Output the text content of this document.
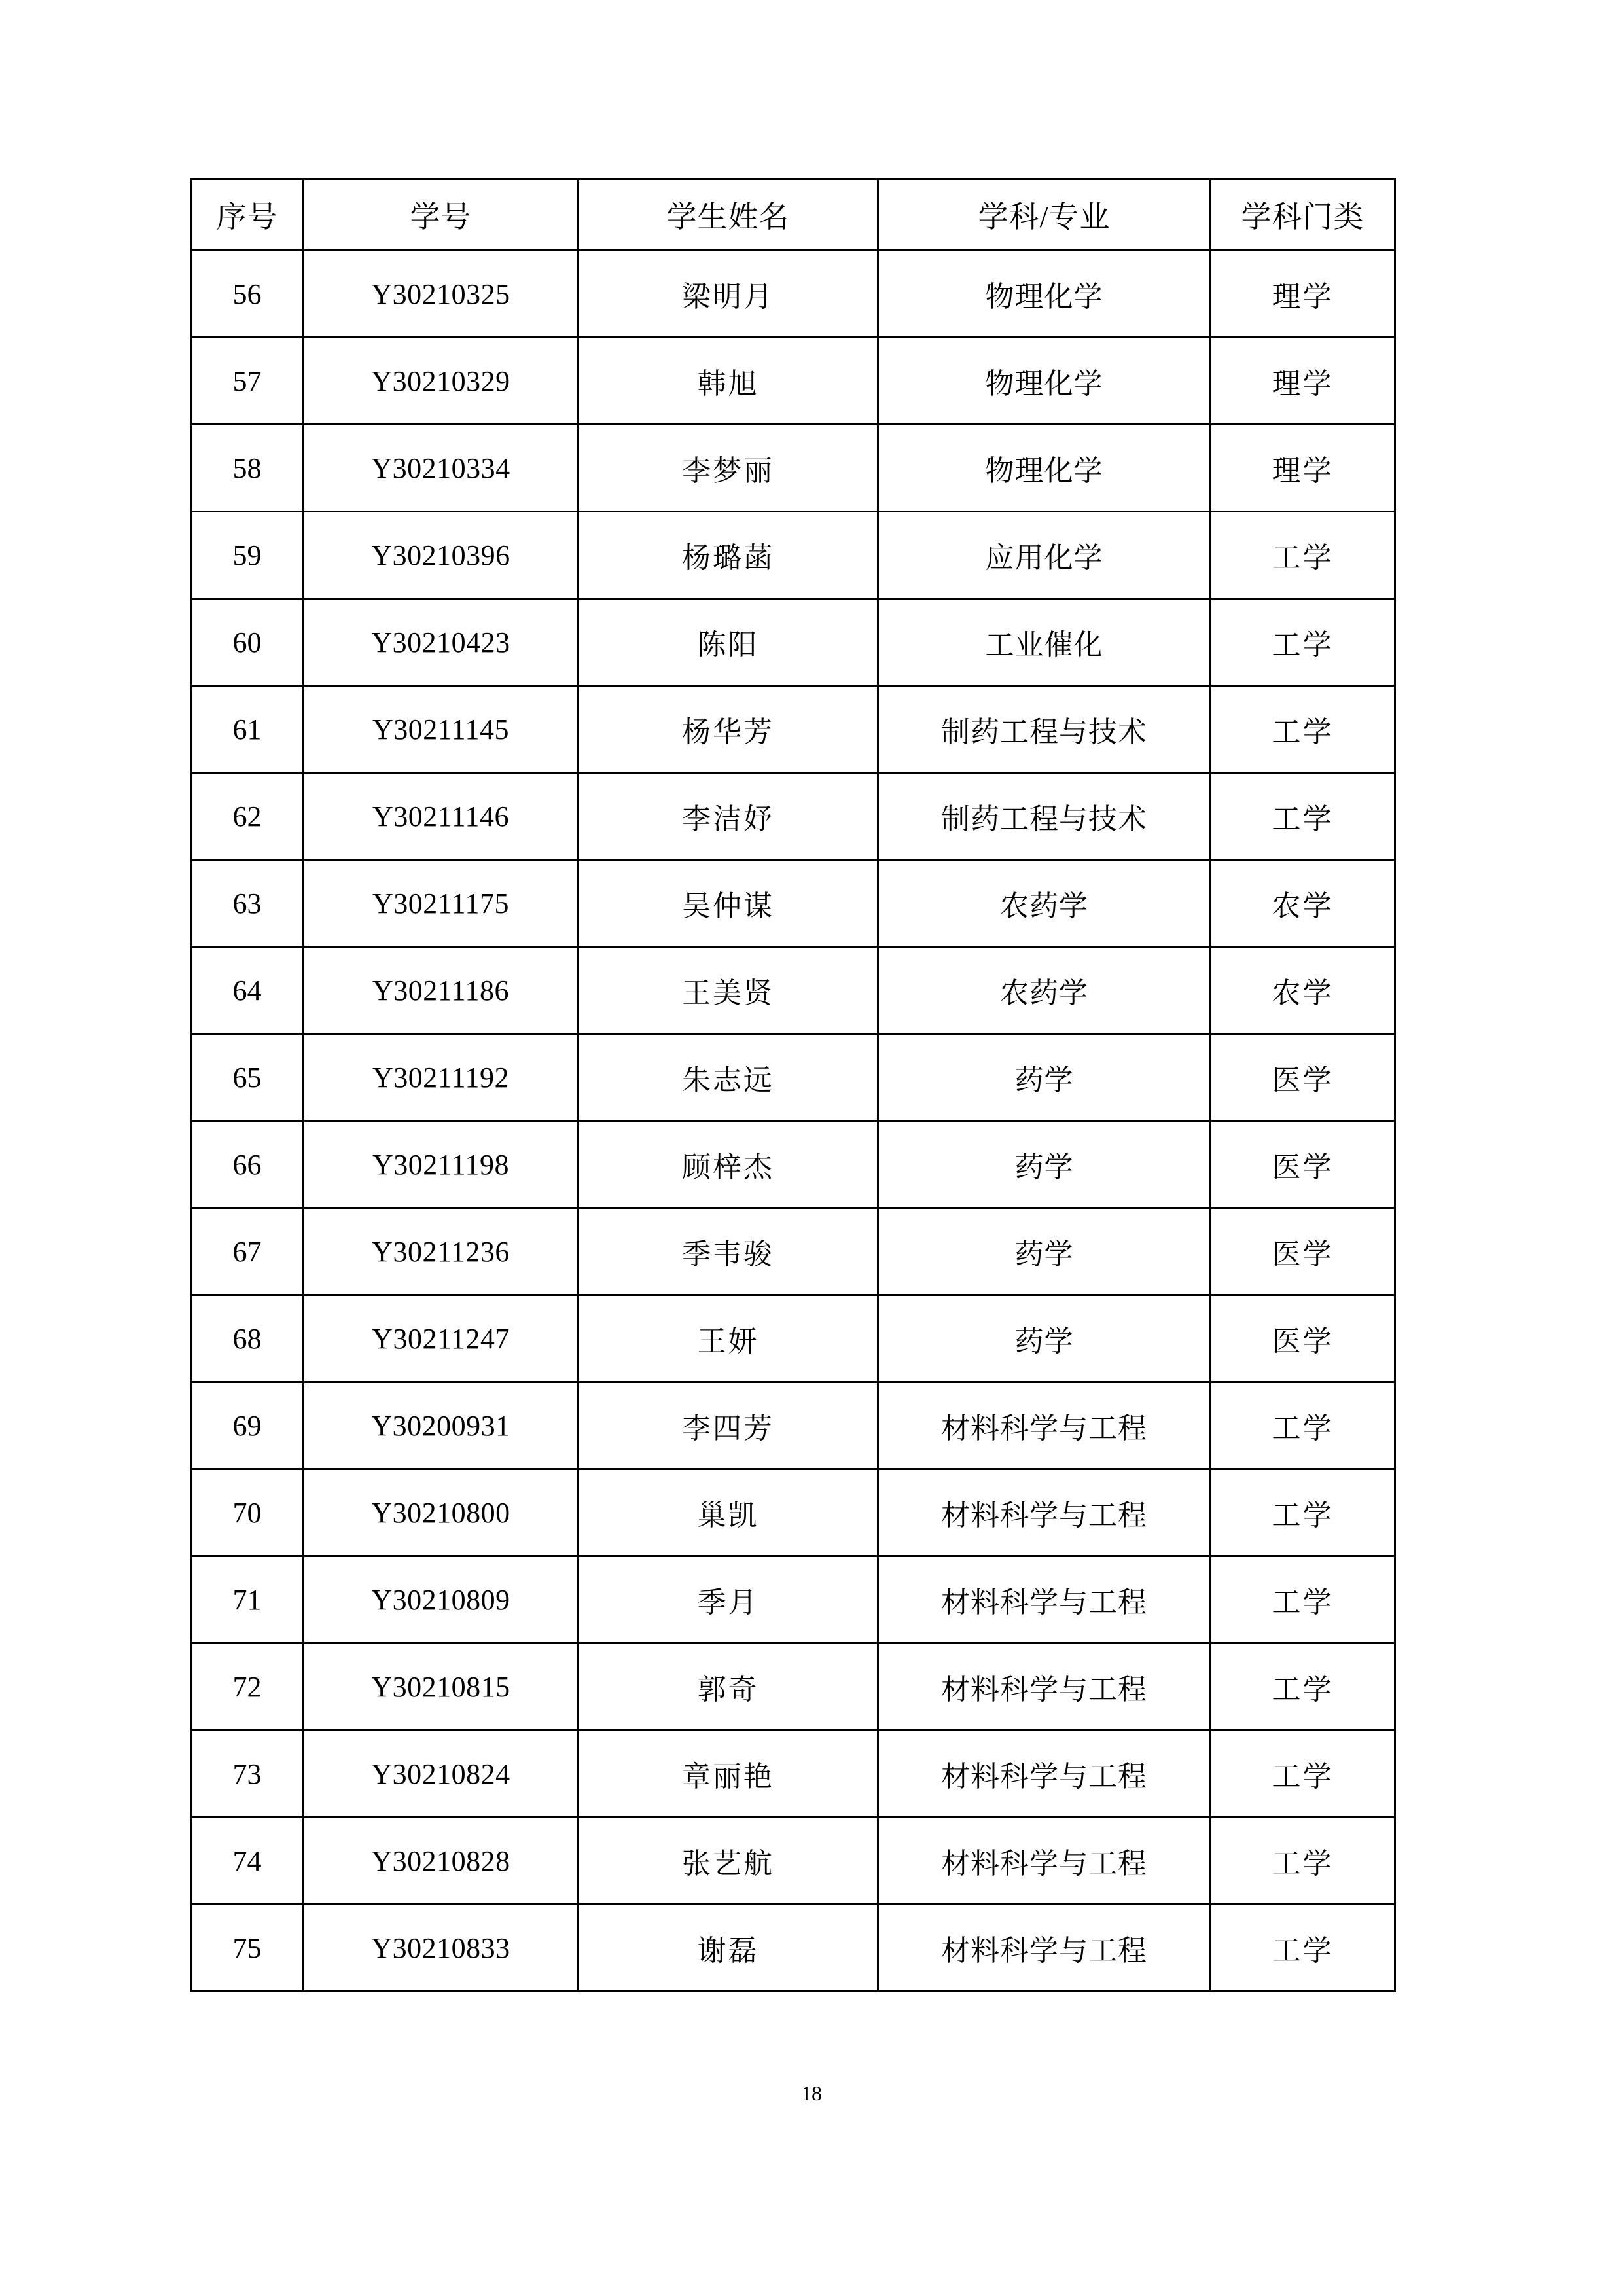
序号	学号	学生姓名	学科/专业	学科门类
56	Y30210325	梁明月	物理化学	理学
57	Y30210329	韩旭	物理化学	理学
58	Y30210334	李梦丽	物理化学	理学
59	Y30210396	杨璐菡	应用化学	工学
60	Y30210423	陈阳	工业催化	工学
61	Y30211145	杨华芳	制药工程与技术	工学
62	Y30211146	李洁妤	制药工程与技术	工学
63	Y30211175	吴仲谋	农药学	农学
64	Y30211186	王美贤	农药学	农学
65	Y30211192	朱志远	药学	医学
66	Y30211198	顾梓杰	药学	医学
67	Y30211236	季韦骏	药学	医学
68	Y30211247	王妍	药学	医学
69	Y30200931	李四芳	材料科学与工程	工学
70	Y30210800	巢凯	材料科学与工程	工学
71	Y30210809	季月	材料科学与工程	工学
72	Y30210815	郭奇	材料科学与工程	工学
73	Y30210824	章丽艳	材料科学与工程	工学
74	Y30210828	张艺航	材料科学与工程	工学
75	Y30210833	谢磊	材料科学与工程	工学
18
